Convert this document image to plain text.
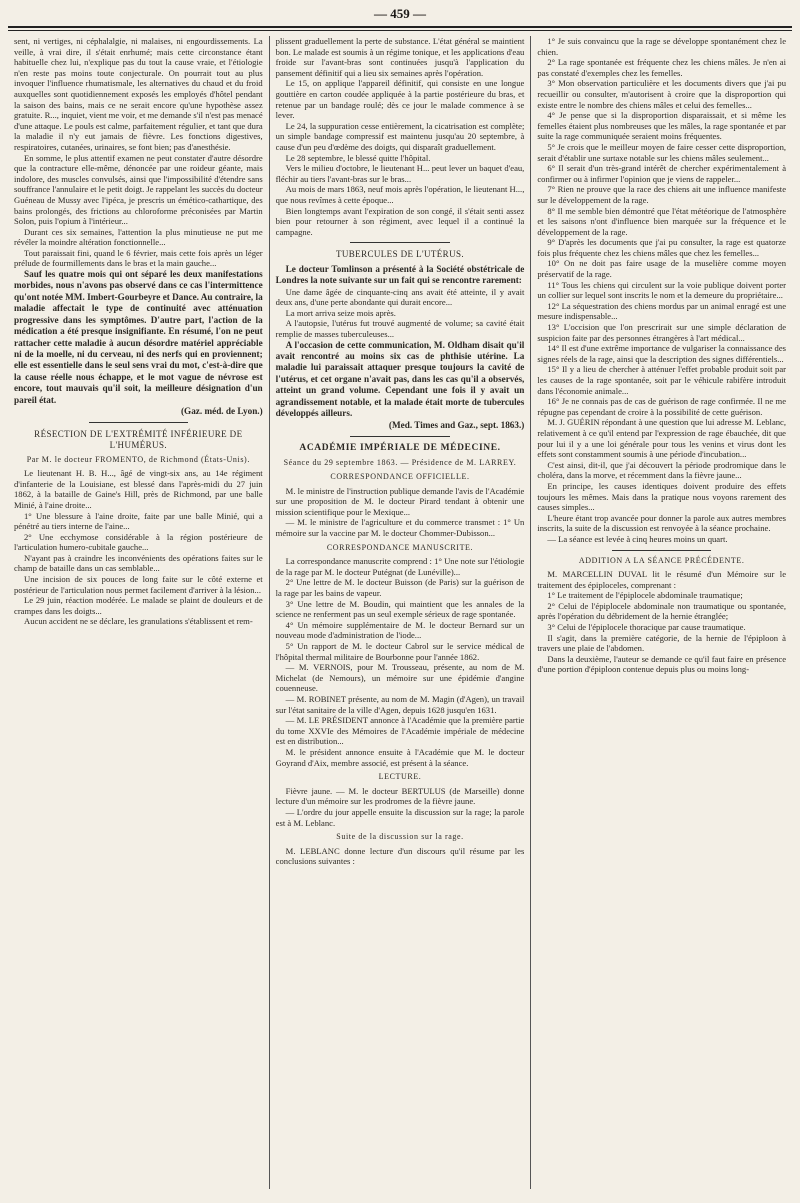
— 459 —

sent, ni vertiges, ni céphalalgie, ni malaises, ni engourdissements. La veille, à vrai dire, il s'était enrhumé; mais cette circonstance étant habituelle chez lui, n'explique pas du tout la cause vraie, et l'étiologie n'en reste pas moins toute conjecturale. On pourrait tout au plus invoquer l'influence rhumatismale, les alternatives du chaud et du froid auxquelles sont quotidiennement exposés les employés d'hôtel pendant la saison des bains, mais ce ne serait encore qu'une hypothèse assez gratuite. R..., inquiet, vient me voir, et me demande s'il n'est pas menacé d'une attaque. Le pouls est calme, parfaitement régulier, et tant que dura la maladie il n'y eut jamais de fièvre. Les fonctions digestives, respiratoires, cutanées, urinaires, se font bien; pas d'anesthésie.

En somme, le plus attentif examen ne peut constater d'autre désordre que la contracture elle-même, dénoncée par une roideur géante, mais indolore, des muscles convulsés, ainsi que l'impossibilité d'étendre sans souffrance l'annulaire et le petit doigt. Je rappelant les succès du docteur Guéneau de Mussy avec l'ipéca, je prescris un émético-cathartique, des bains prolongés, des frictions au chloroforme préconisées par Martin Solon, puis l'opium à l'intérieur...

Durant ces six semaines, l'attention la plus minutieuse ne put me révéler la moindre altération fonctionnelle...

Tout paraissait fini, quand le 6 février, mais cette fois après un léger prélude de fourmillements dans le bras et la main gauche...

Sauf les quatre mois qui ont séparé les deux manifestations morbides, nous n'avons pas observé dans ce cas l'intermittence qu'ont notée MM. Imbert-Gourbeyre et Dance. Au contraire, la maladie affectait le type de continuité avec atténuation progressive dans les symptômes. D'autre part, l'action de la médication a été presque insignifiante. En résumé, l'on ne peut rattacher cette maladie à aucun désordre matériel appréciable ni de la moelle, ni du cerveau, ni des nerfs qui en proviennent; elle est essentielle dans le seul sens vrai du mot, c'est-à-dire que la cause réelle nous échappe, et le mot vague de névrose est encore, tout mauvais qu'il soit, la meilleure désignation d'un pareil état.

(Gaz. méd. de Lyon.)

RÉSECTION DE L'EXTRÉMITÉ INFÉRIEURE DE L'HUMÉRUS.
Par M. le docteur FROMENTO, de Richmond (États-Unis).

Le lieutenant H. B. H..., âgé de vingt-six ans, au 14e régiment d'infanterie de la Louisiane, est blessé dans l'après-midi du 27 juin 1862, à la bataille de Gaine's Hill, près de Richmond, par une balle Minié, à l'aine droite...

1° Une blessure à l'aine droite, faite par une balle Minié, qui a pénétré au tiers interne de l'aine...

2° Une ecchymose considérable à la région postérieure de l'articulation humero-cubitale gauche...

N'ayant pas à craindre les inconvénients des opérations faites sur le champ de bataille dans un cas semblable...

Une incision de six pouces de long faite sur le côté externe et postérieur de l'articulation nous permet facilement d'arriver à la lésion...

Le 29 juin, réaction modérée. Le malade se plaint de douleurs et de crampes dans les doigts...

Aucun accident ne se déclare, les granulations s'établissent et rem-

plissent graduellement la perte de substance. L'état général se maintient bon. Le malade est soumis à un régime tonique, et les applications d'eau froide sur l'avant-bras sont continuées jusqu'à l'application du pansement définitif qui a lieu six semaines après l'opération.

Le 15, on applique l'appareil définitif, qui consiste en une longue gouttière en carton coudée appliquée à la partie postérieure du bras, et retenue par un bandage roulé; dès ce jour le malade commence à se lever.

Le 24, la suppuration cesse entièrement, la cicatrisation est complète; un simple bandage compressif est maintenu jusqu'au 20 septembre, à cause d'un peu d'œdème des doigts, qui disparaît graduellement.

Le 28 septembre, le blessé quitte l'hôpital.

Vers le milieu d'octobre, le lieutenant H... peut lever un baquet d'eau, fléchir au tiers l'avant-bras sur le bras...

Au mois de mars 1863, neuf mois après l'opération, le lieutenant H..., que nous revîmes à cette époque...

Bien longtemps avant l'expiration de son congé, il s'était senti assez bien pour retourner à son régiment, avec lequel il a continué la campagne.

TUBERCULES DE L'UTÉRUS.

Le docteur Tomlinson a présenté à la Société obstétricale de Londres la note suivante sur un fait qui se rencontre rarement:

Une dame âgée de cinquante-cinq ans avait été atteinte, il y avait deux ans, d'une perte abondante qui durait encore...

La mort arriva seize mois après.

A l'autopsie, l'utérus fut trouvé augmenté de volume; sa cavité était remplie de masses tuberculeuses...

A l'occasion de cette communication, M. Oldham disait qu'il avait rencontré au moins six cas de phthisie utérine. La maladie lui paraissait attaquer presque toujours la cavité de l'utérus, et cet organe n'avait pas, dans les cas qu'il a observés, atteint un grand volume. Cependant une fois il y avait un agrandissement notable, et la malade était morte de tubercules développés ailleurs.

(Med. Times and Gaz., sept. 1863.)

ACADÉMIE IMPÉRIALE DE MÉDECINE.
Séance du 29 septembre 1863. — Présidence de M. LARREY.
CORRESPONDANCE OFFICIELLE.

M. le ministre de l'instruction publique demande l'avis de l'Académie sur une proposition de M. le docteur Pirard tendant à obtenir une mission scientifique pour le Mexique...

— M. le ministre de l'agriculture et du commerce transmet : 1° Un mémoire sur la vaccine par M. le docteur Chommer-Dubisson...

CORRESPONDANCE MANUSCRITE.

La correspondance manuscrite comprend : 1° Une note sur l'étiologie de la rage par M. le docteur Putégnat (de Lunéville)...

2° Une lettre de M. le docteur Buisson (de Paris) sur la guérison de la rage par les bains de vapeur.

3° Une lettre de M. Boudin, qui maintient que les annales de la science ne renferment pas un seul exemple sérieux de rage spontanée.

4° Un mémoire supplémentaire de M. le docteur Bernard sur un nouveau mode d'administration de l'iode...

5° Un rapport de M. le docteur Cabrol sur le service médical de l'hôpital thermal militaire de Bourbonne pour l'année 1862.

— M. VERNOIS, pour M. Trousseau, présente, au nom de M. Michelat (de Nemours), un mémoire sur une épidémie d'angine couenneuse.

— M. ROBINET présente, au nom de M. Magin (d'Agen), un travail sur l'état sanitaire de la ville d'Agen, depuis 1628 jusqu'en 1631.

— M. LE PRÉSIDENT annonce à l'Académie que la première partie du tome XXVIe des Mémoires de l'Académie impériale de médecine est en distribution...

M. le président annonce ensuite à l'Académie que M. le docteur Goyrand d'Aix, membre associé, est présent à la séance.

LECTURE.

Fièvre jaune. — M. le docteur BERTULUS (de Marseille) donne lecture d'un mémoire sur les prodromes de la fièvre jaune.

— L'ordre du jour appelle ensuite la discussion sur la rage; la parole est à M. Leblanc.

Suite de la discussion sur la rage.

M. LEBLANC donne lecture d'un discours qu'il résume par les conclusions suivantes :

1° Je suis convaincu que la rage se développe spontanément chez le chien.

2° La rage spontanée est fréquente chez les chiens mâles. Je n'en ai pas constaté d'exemples chez les femelles.

3° Mon observation particulière et les documents divers que j'ai pu recueillir ou consulter, m'autorisent à croire que la disproportion qui existe entre le nombre des chiens mâles et celui des femelles...

4° Je pense que si la disproportion disparaissait, et si même les femelles étaient plus nombreuses que les mâles, la rage spontanée et par suite la rage communiquée seraient moins fréquentes.

5° Je crois que le meilleur moyen de faire cesser cette disproportion, serait d'établir une surtaxe notable sur les chiens mâles seulement...

6° Il serait d'un très-grand intérêt de chercher expérimentalement à confirmer ou à infirmer l'opinion que je viens de rappeler...

7° Rien ne prouve que la race des chiens ait une influence manifeste sur le développement de la rage.

8° Il me semble bien démontré que l'état météorique de l'atmosphère et les saisons n'ont d'influence bien marquée sur la fréquence et le développement de la rage.

9° D'après les documents que j'ai pu consulter, la rage est quatorze fois plus fréquente chez les chiens mâles que chez les femelles...

10° On ne doit pas faire usage de la muselière comme moyen préservatif de la rage.

11° Tous les chiens qui circulent sur la voie publique doivent porter un collier sur lequel sont inscrits le nom et la demeure du propriétaire...

12° La séquestration des chiens mordus par un animal enragé est une mesure indispensable...

13° L'occision que l'on prescrirait sur une simple déclaration de suspicion faite par des personnes étrangères à l'art médical...

14° Il est d'une extrême importance de vulgariser la connaissance des signes réels de la rage, ainsi que la description des signes différentiels...

15° Il y a lieu de chercher à atténuer l'effet probable produit soit par les causes de la rage spontanée, soit par le véhicule rabifère introduit dans l'économie animale...

16° Je ne connais pas de cas de guérison de rage confirmée. Il ne me répugne pas cependant de croire à la possibilité de cette guérison.

M. J. GUÉRIN répondant à une question que lui adresse M. Leblanc, relativement à ce qu'il entend par l'expression de rage ébauchée, dit que pour lui il y a une loi générale pour tous les venins et virus dont les effets sont constamment soumis à une période d'incubation...

C'est ainsi, dit-il, que j'ai découvert la période prodromique dans le choléra, dans la morve, et récemment dans la fièvre jaune...

En principe, les causes identiques doivent produire des effets toujours les mêmes. Mais dans la pratique nous voyons rarement des causes simples...

L'heure étant trop avancée pour donner la parole aux autres membres inscrits, la suite de la discussion est renvoyée à la séance prochaine.

— La séance est levée à cinq heures moins un quart.

ADDITION A LA SÉANCE PRÉCÉDENTE.

M. MARCELLIN DUVAL lit le résumé d'un Mémoire sur le traitement des épiploceles, comprenant :

1° Le traitement de l'épiplocele abdominale traumatique;

2° Celui de l'épiplocele abdominale non traumatique ou spontanée, après l'opération du débridement de la hernie étranglée;

3° Celui de l'épiplocele thoracique par cause traumatique.

Il s'agit, dans la première catégorie, de la hernie de l'épiploon à travers une plaie de l'abdomen.

Dans la deuxième, l'auteur se demande ce qu'il faut faire en présence d'une portion d'épiploon contenue depuis plus ou moins long-
